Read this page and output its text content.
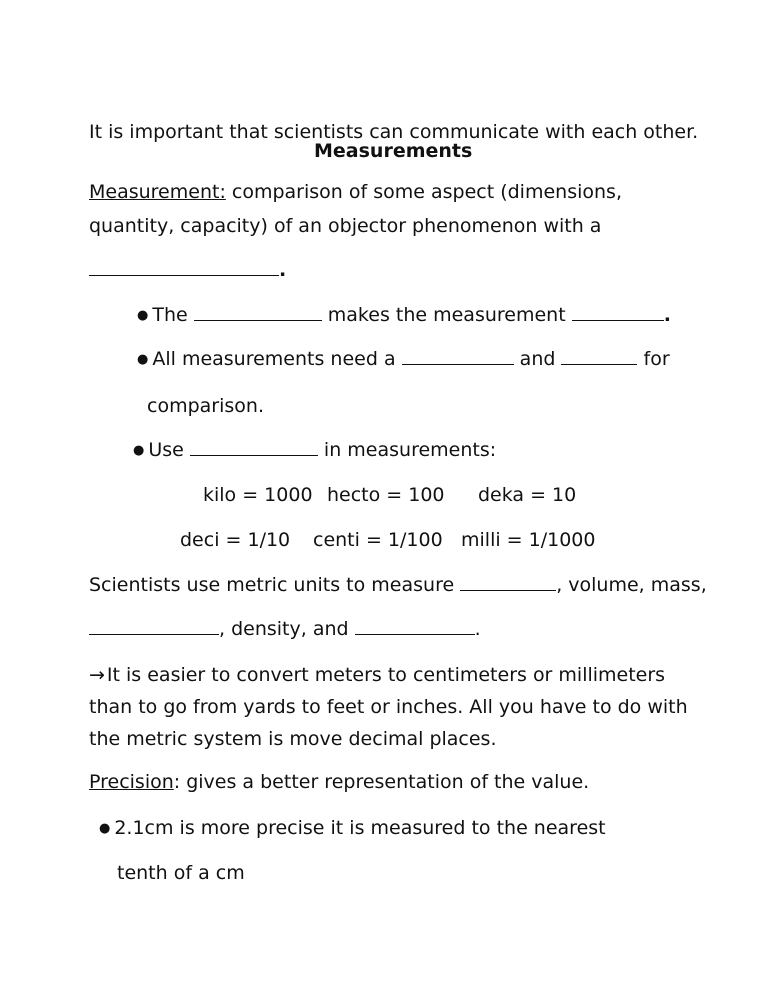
It is important that scientists can communicate with each other.
Measurements
Measurement: comparison of some aspect (dimensions,
quantity, capacity) of an objector phenomenon with a
.
● The	makes the measurement	.
● All measurements need a	and	for
comparison.
● Use	in measurements:
kilo = 1000 hecto = 100 deka = 10
deci = 1/10 centi = 1/100 milli = 1/1000
Scientists use metric units to measure	, volume, mass,
, density, and	.
→ It is easier to convert meters to centimeters or millimeters
than to go from yards to feet or inches. All you have to do with
the metric system is move decimal places.
Precision: gives a better representation of the value.
● 2.1cm is more precise it is measured to the nearest
tenth of a cm
